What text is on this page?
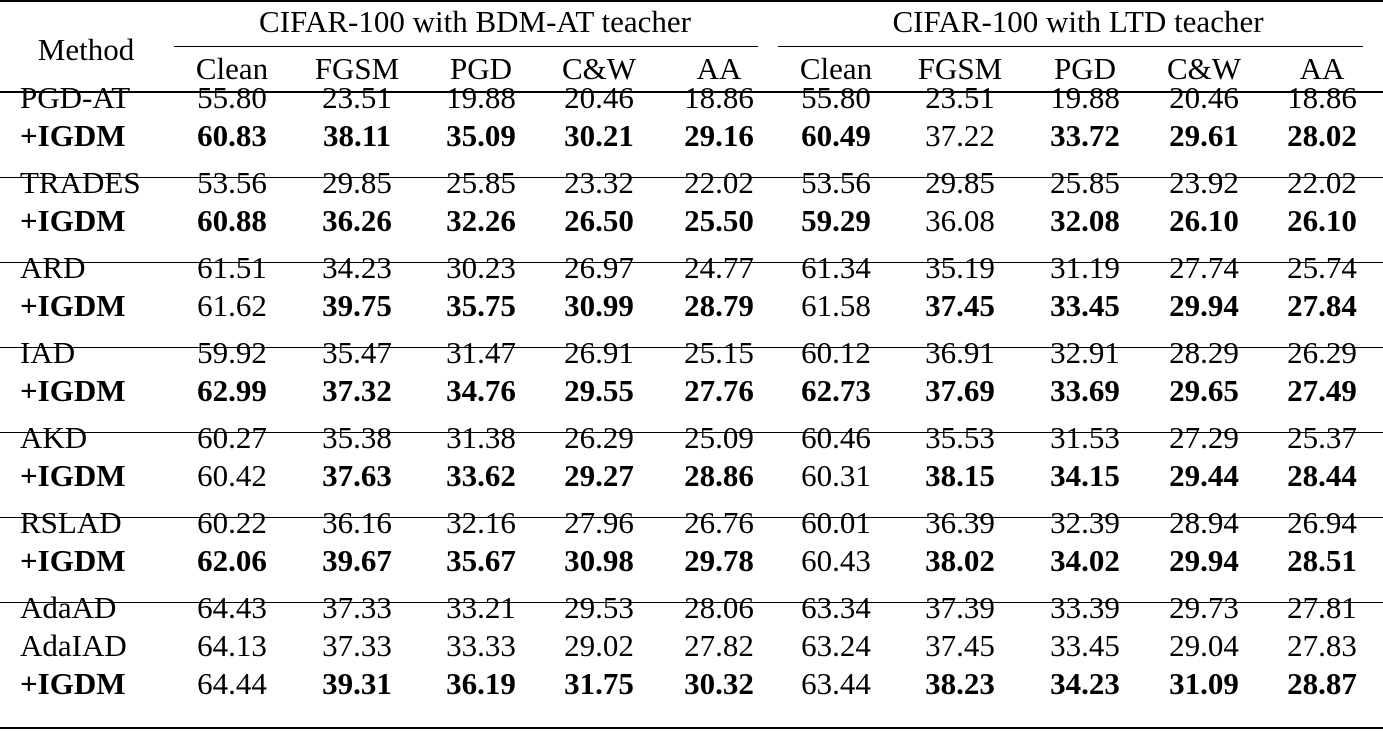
Method
CIFAR-100 with BDM-AT teacher	CIFAR-100 with LTD teacher
Clean FGSM PGD C&W AA Clean FGSM PGD C&W AA
PGD-AT 55.80 23.51 19.88 20.46 18.86 55.80 23.51 19.88 20.46 18.86
+IGDM 60.83 38.11 35.09 30.21 29.16 60.49 37.22 33.72 29.61 28.02
TRADES 53.56 29.85 25.85 23.32 22.02 53.56 29.85 25.85 23.92 22.02
+IGDM 60.88 36.26 32.26 26.50 25.50 59.29 36.08 32.08 26.10 26.10
ARD	61.51 34.23 30.23 26.97 24.77 61.34 35.19 31.19 27.74 25.74
+IGDM 61.62 39.75 35.75 30.99 28.79 61.58 37.45 33.45 29.94 27.84
IAD	59.92 35.47 31.47 26.91 25.15 60.12 36.91 32.91 28.29 26.29
+IGDM 62.99 37.32 34.76 29.55 27.76 62.73 37.69 33.69 29.65 27.49
AKD	60.27 35.38 31.38 26.29 25.09 60.46 35.53 31.53 27.29 25.37
+IGDM 60.42 37.63 33.62 29.27 28.86 60.31 38.15 34.15 29.44 28.44
RSLAD 60.22 36.16 32.16 27.96 26.76 60.01 36.39 32.39 28.94 26.94
+IGDM 62.06 39.67 35.67 30.98 29.78 60.43 38.02 34.02 29.94 28.51
AdaAD	64.43 37.33 33.21 29.53 28.06 63.34 37.39 33.39 29.73 27.81
AdaIAD 64.13 37.33 33.33 29.02 27.82 63.24 37.45 33.45 29.04 27.83
+IGDM 64.44 39.31 36.19 31.75 30.32 63.44 38.23 34.23 31.09 28.87
